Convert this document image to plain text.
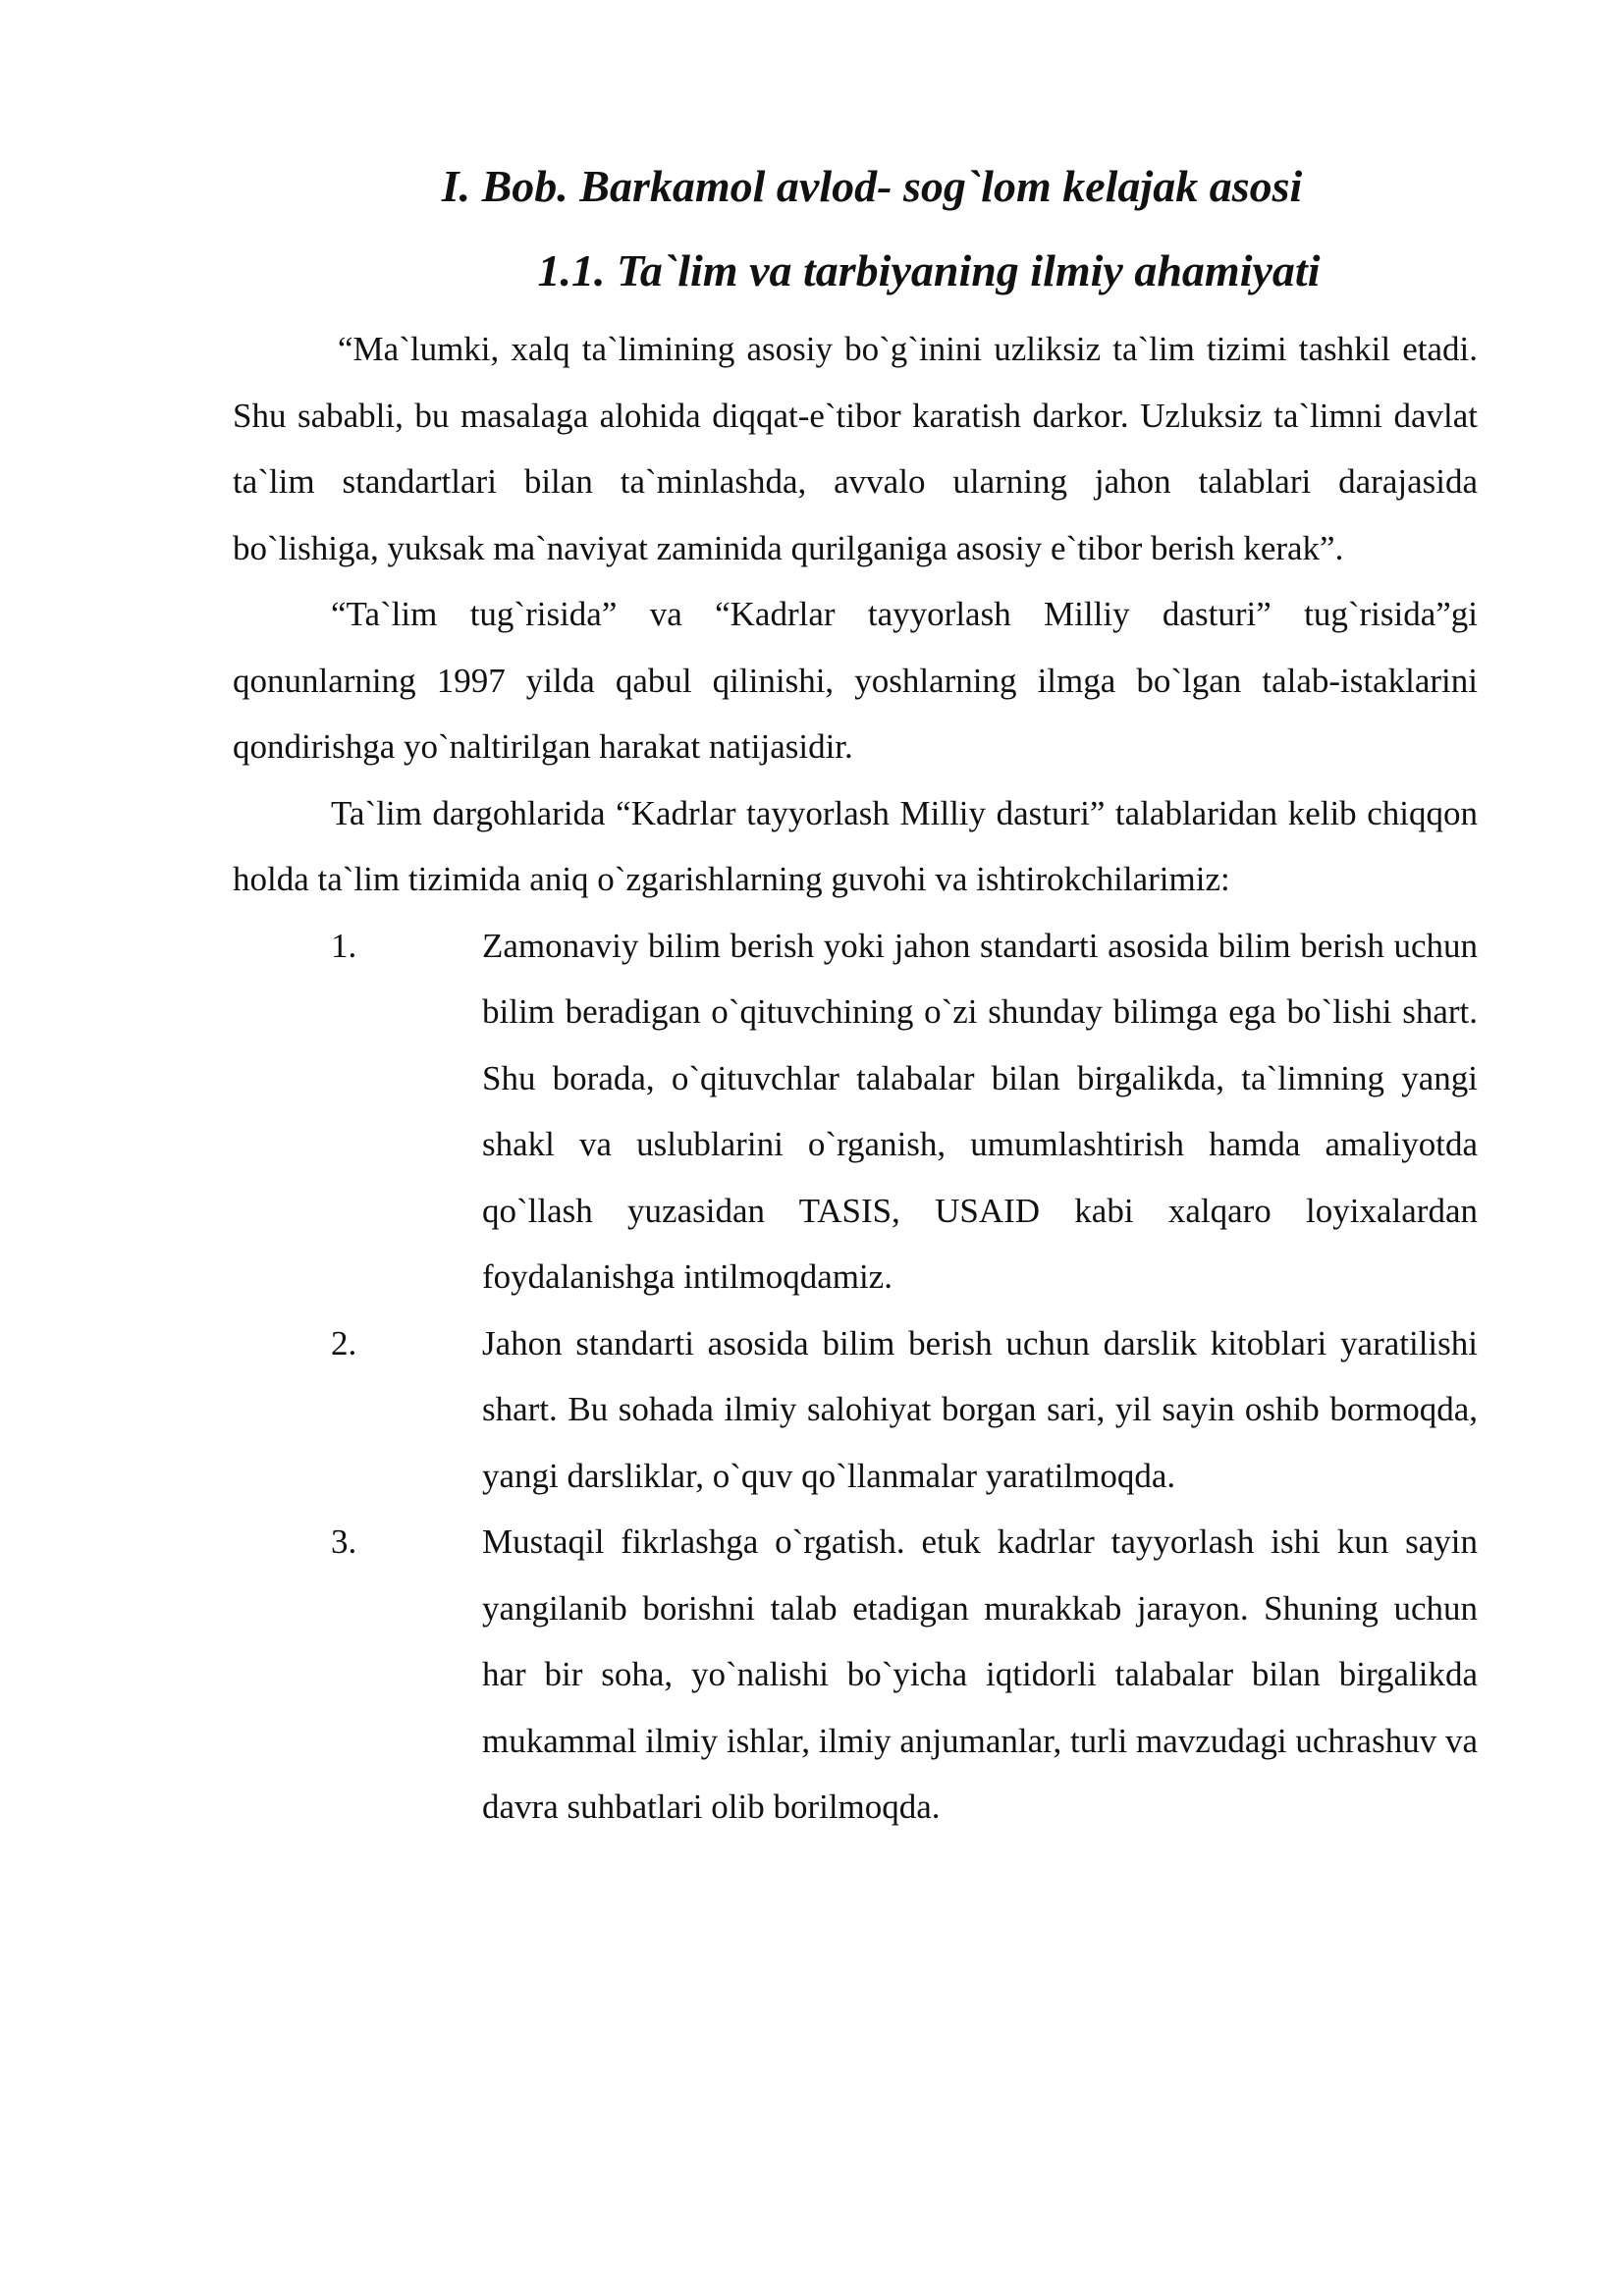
I. Bob. Barkamol avlod- sog`lom kelajak asosi
1.1. Ta`lim va tarbiyaning ilmiy ahamiyati

“Ma`lumki, xalq ta`limining asosiy bo`g`inini uzliksiz ta`lim tizimi tashkil etadi. Shu sababli, bu masalaga alohida diqqat-e`tibor karatish darkor. Uzluksiz ta`limni davlat ta`lim standartlari bilan ta`minlashda, avvalo ularning jahon talablari darajasida bo`lishiga, yuksak ma`naviyat zaminida qurilganiga asosiy e`tibor berish kerak”.

“Ta`lim tug`risida” va “Kadrlar tayyorlash Milliy dasturi” tug`risida”gi qonunlarning 1997 yilda qabul qilinishi, yoshlarning ilmga bo`lgan talab-istaklarini qondirishga yo`naltirilgan harakat natijasidir.

Ta`lim dargohlarida “Kadrlar tayyorlash Milliy dasturi” talablaridan kelib chiqqon holda ta`lim tizimida aniq o`zgarishlarning guvohi va ishtirokchilarimiz:

1.	Zamonaviy bilim berish yoki jahon standarti asosida bilim berish uchun bilim beradigan o`qituvchining o`zi shunday bilimga ega bo`lishi shart. Shu borada, o`qituvchlar talabalar bilan birgalikda, ta`limning yangi shakl va uslublarini o`rganish, umumlashtirish hamda amaliyotda qo`llash yuzasidan TASIS, USAID kabi xalqaro loyixalardan foydalanishga intilmoqdamiz.
2.	Jahon standarti asosida bilim berish uchun darslik kitoblari yaratilishi shart. Bu sohada ilmiy salohiyat borgan sari, yil sayin oshib bormoqda, yangi darsliklar, o`quv qo`llanmalar yaratilmoqda.
3.	Mustaqil fikrlashga o`rgatish. etuk kadrlar tayyorlash ishi kun sayin yangilanib borishni talab etadigan murakkab jarayon. Shuning uchun har bir soha, yo`nalishi bo`yicha iqtidorli talabalar bilan birgalikda mukammal ilmiy ishlar, ilmiy anjumanlar, turli mavzudagi uchrashuv va davra suhbatlari olib borilmoqda.
